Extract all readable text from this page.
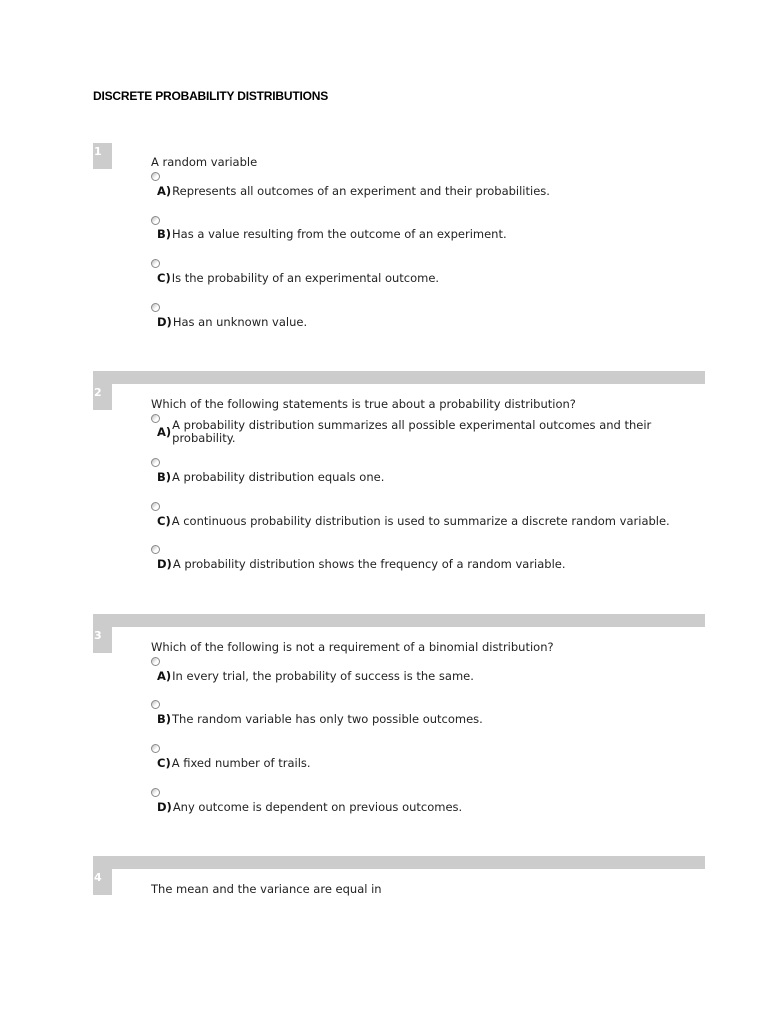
DISCRETE PROBABILITY DISTRIBUTIONS
1
A random variable
A) Represents all outcomes of an experiment and their probabilities.
B) Has a value resulting from the outcome of an experiment.
C) Is the probability of an experimental outcome.
D) Has an unknown value.
2
Which of the following statements is true about a probability distribution?
A) A probability distribution summarizes all possible experimental outcomes and their probability.
B) A probability distribution equals one.
C) A continuous probability distribution is used to summarize a discrete random variable.
D) A probability distribution shows the frequency of a random variable.
3
Which of the following is not a requirement of a binomial distribution?
A) In every trial, the probability of success is the same.
B) The random variable has only two possible outcomes.
C) A fixed number of trails.
D) Any outcome is dependent on previous outcomes.
4
The mean and the variance are equal in
